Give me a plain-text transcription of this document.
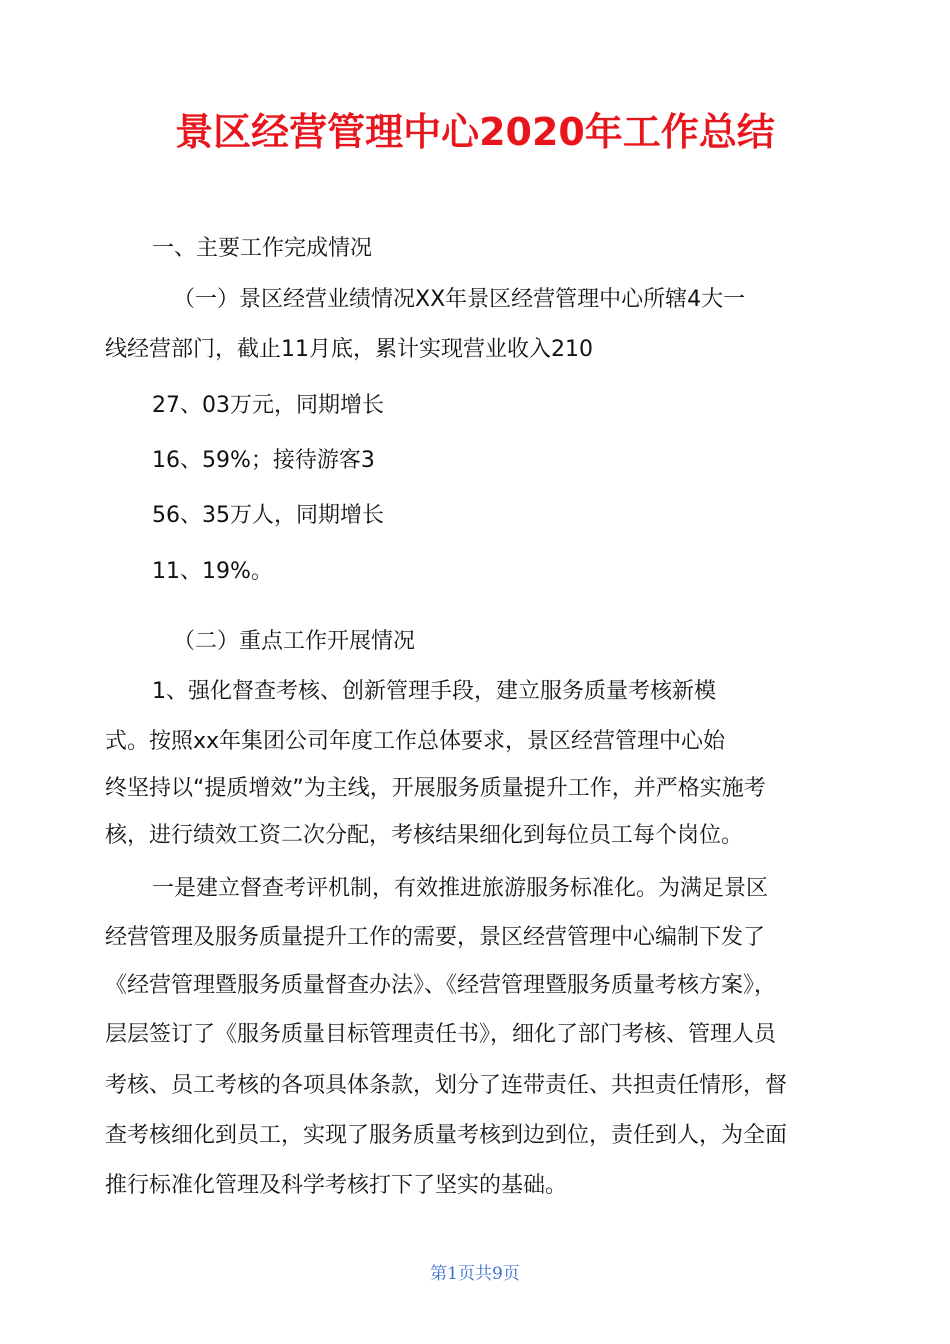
景区经营管理中心2020年工作总结
一、主要工作完成情况
（一）景区经营业绩情况XX年景区经营管理中心所辖4大一
线经营部门，截止11月底，累计实现营业收入210
27、03万元，同期增长
16、59%；接待游客3
56、35万人，同期增长
11、19%。
（二）重点工作开展情况
1、强化督查考核、创新管理手段，建立服务质量考核新模
式。按照xx年集团公司年度工作总体要求，景区经营管理中心始
终坚持以“提质增效”为主线，开展服务质量提升工作，并严格实施考
核，进行绩效工资二次分配，考核结果细化到每位员工每个岗位。
一是建立督查考评机制，有效推进旅游服务标准化。为满足景区
经营管理及服务质量提升工作的需要，景区经营管理中心编制下发了
《经营管理暨服务质量督查办法》、《经营管理暨服务质量考核方案》，
层层签订了《服务质量目标管理责任书》，细化了部门考核、管理人员
考核、员工考核的各项具体条款，划分了连带责任、共担责任情形，督
查考核细化到员工，实现了服务质量考核到边到位，责任到人，为全面
推行标准化管理及科学考核打下了坚实的基础。
第1页共9页
